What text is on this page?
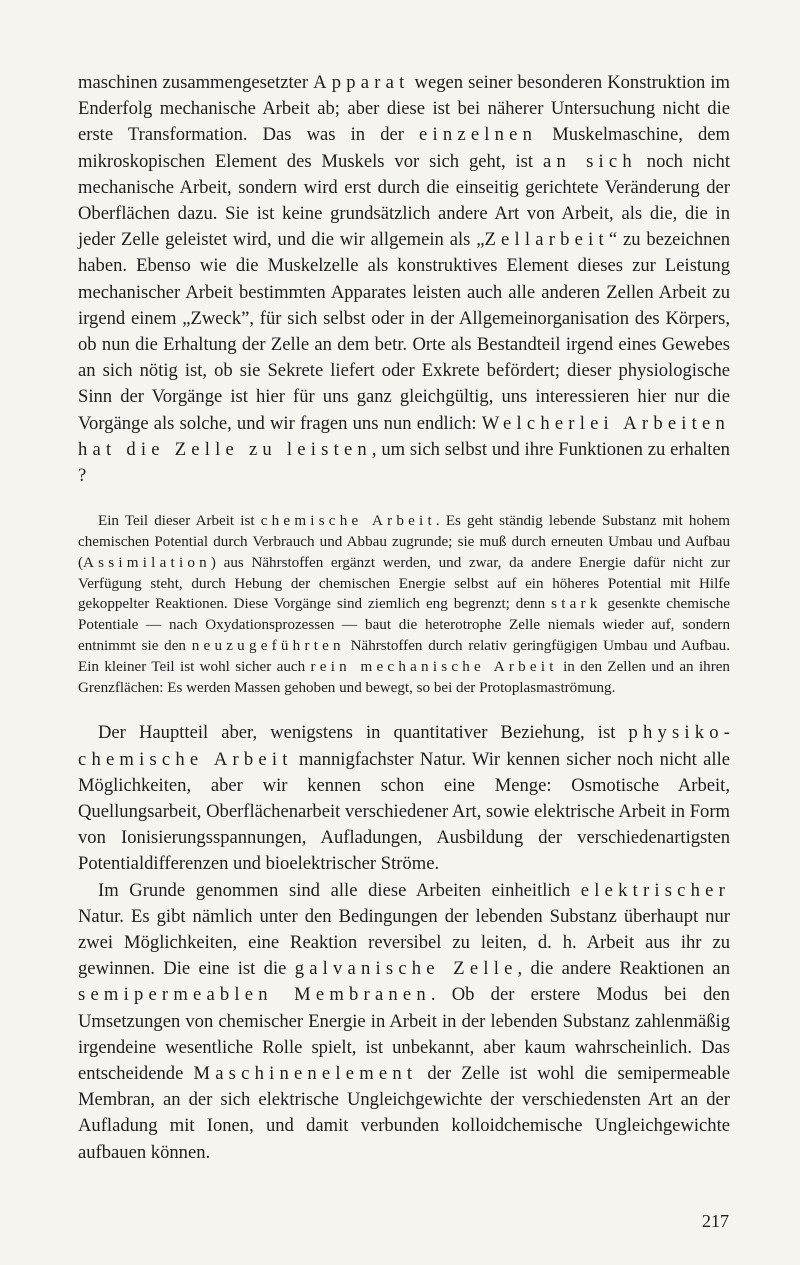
maschinen zusammengesetzter Apparat wegen seiner besonderen Konstruktion im Enderfolg mechanische Arbeit ab; aber diese ist bei näherer Untersuchung nicht die erste Transformation. Das was in der einzelnen Muskelmaschine, dem mikroskopischen Element des Muskels vor sich geht, ist an sich noch nicht mechanische Arbeit, sondern wird erst durch die einseitig gerichtete Veränderung der Oberflächen dazu. Sie ist keine grundsätzlich andere Art von Arbeit, als die, die in jeder Zelle geleistet wird, und die wir allgemein als „Zellarbeit“ zu bezeichnen haben. Ebenso wie die Muskelzelle als konstruktives Element dieses zur Leistung mechanischer Arbeit bestimmten Apparates leisten auch alle anderen Zellen Arbeit zu irgend einem „Zweck”, für sich selbst oder in der Allgemeinorganisation des Körpers, ob nun die Erhaltung der Zelle an dem betr. Orte als Bestandteil irgend eines Gewebes an sich nötig ist, ob sie Sekrete liefert oder Exkrete befördert; dieser physiologische Sinn der Vorgänge ist hier für uns ganz gleichgültig, uns interessieren hier nur die Vorgänge als solche, und wir fragen uns nun endlich: Welcherlei Arbeiten hat die Zelle zu leisten, um sich selbst und ihre Funktionen zu erhalten ?

Ein Teil dieser Arbeit ist chemische Arbeit. Es geht ständig lebende Substanz mit hohem chemischen Potential durch Verbrauch und Abbau zugrunde; sie muß durch erneuten Umbau und Aufbau (Assimilation) aus Nährstoffen ergänzt werden, und zwar, da andere Energie dafür nicht zur Verfügung steht, durch Hebung der chemischen Energie selbst auf ein höheres Potential mit Hilfe gekoppelter Reaktionen. Diese Vorgänge sind ziemlich eng begrenzt; denn stark gesenkte chemische Potentiale — nach Oxydationsprozessen — baut die heterotrophe Zelle niemals wieder auf, sondern entnimmt sie den neuzugeführten Nährstoffen durch relativ geringfügigen Umbau und Aufbau. Ein kleiner Teil ist wohl sicher auch rein mechanische Arbeit in den Zellen und an ihren Grenzflächen: Es werden Massen gehoben und bewegt, so bei der Protoplasmaströmung.

Der Hauptteil aber, wenigstens in quantitativer Beziehung, ist physikochemische Arbeit mannigfachster Natur. Wir kennen sicher noch nicht alle Möglichkeiten, aber wir kennen schon eine Menge: Osmotische Arbeit, Quellungsarbeit, Oberflächenarbeit verschiedener Art, sowie elektrische Arbeit in Form von Ionisierungsspannungen, Aufladungen, Ausbildung der verschiedenartigsten Potentialdifferenzen und bioelektrischer Ströme.

Im Grunde genommen sind alle diese Arbeiten einheitlich elektrischer Natur. Es gibt nämlich unter den Bedingungen der lebenden Substanz überhaupt nur zwei Möglichkeiten, eine Reaktion reversibel zu leiten, d. h. Arbeit aus ihr zu gewinnen. Die eine ist die galvanische Zelle, die andere Reaktionen an semipermeablen Membranen. Ob der erstere Modus bei den Umsetzungen von chemischer Energie in Arbeit in der lebenden Substanz zahlenmäßig irgendeine wesentliche Rolle spielt, ist unbekannt, aber kaum wahrscheinlich. Das entscheidende Maschinenelement der Zelle ist wohl die semipermeable Membran, an der sich elektrische Ungleichgewichte der verschiedensten Art an der Aufladung mit Ionen, und damit verbunden kolloidchemische Ungleichgewichte aufbauen können.

217
